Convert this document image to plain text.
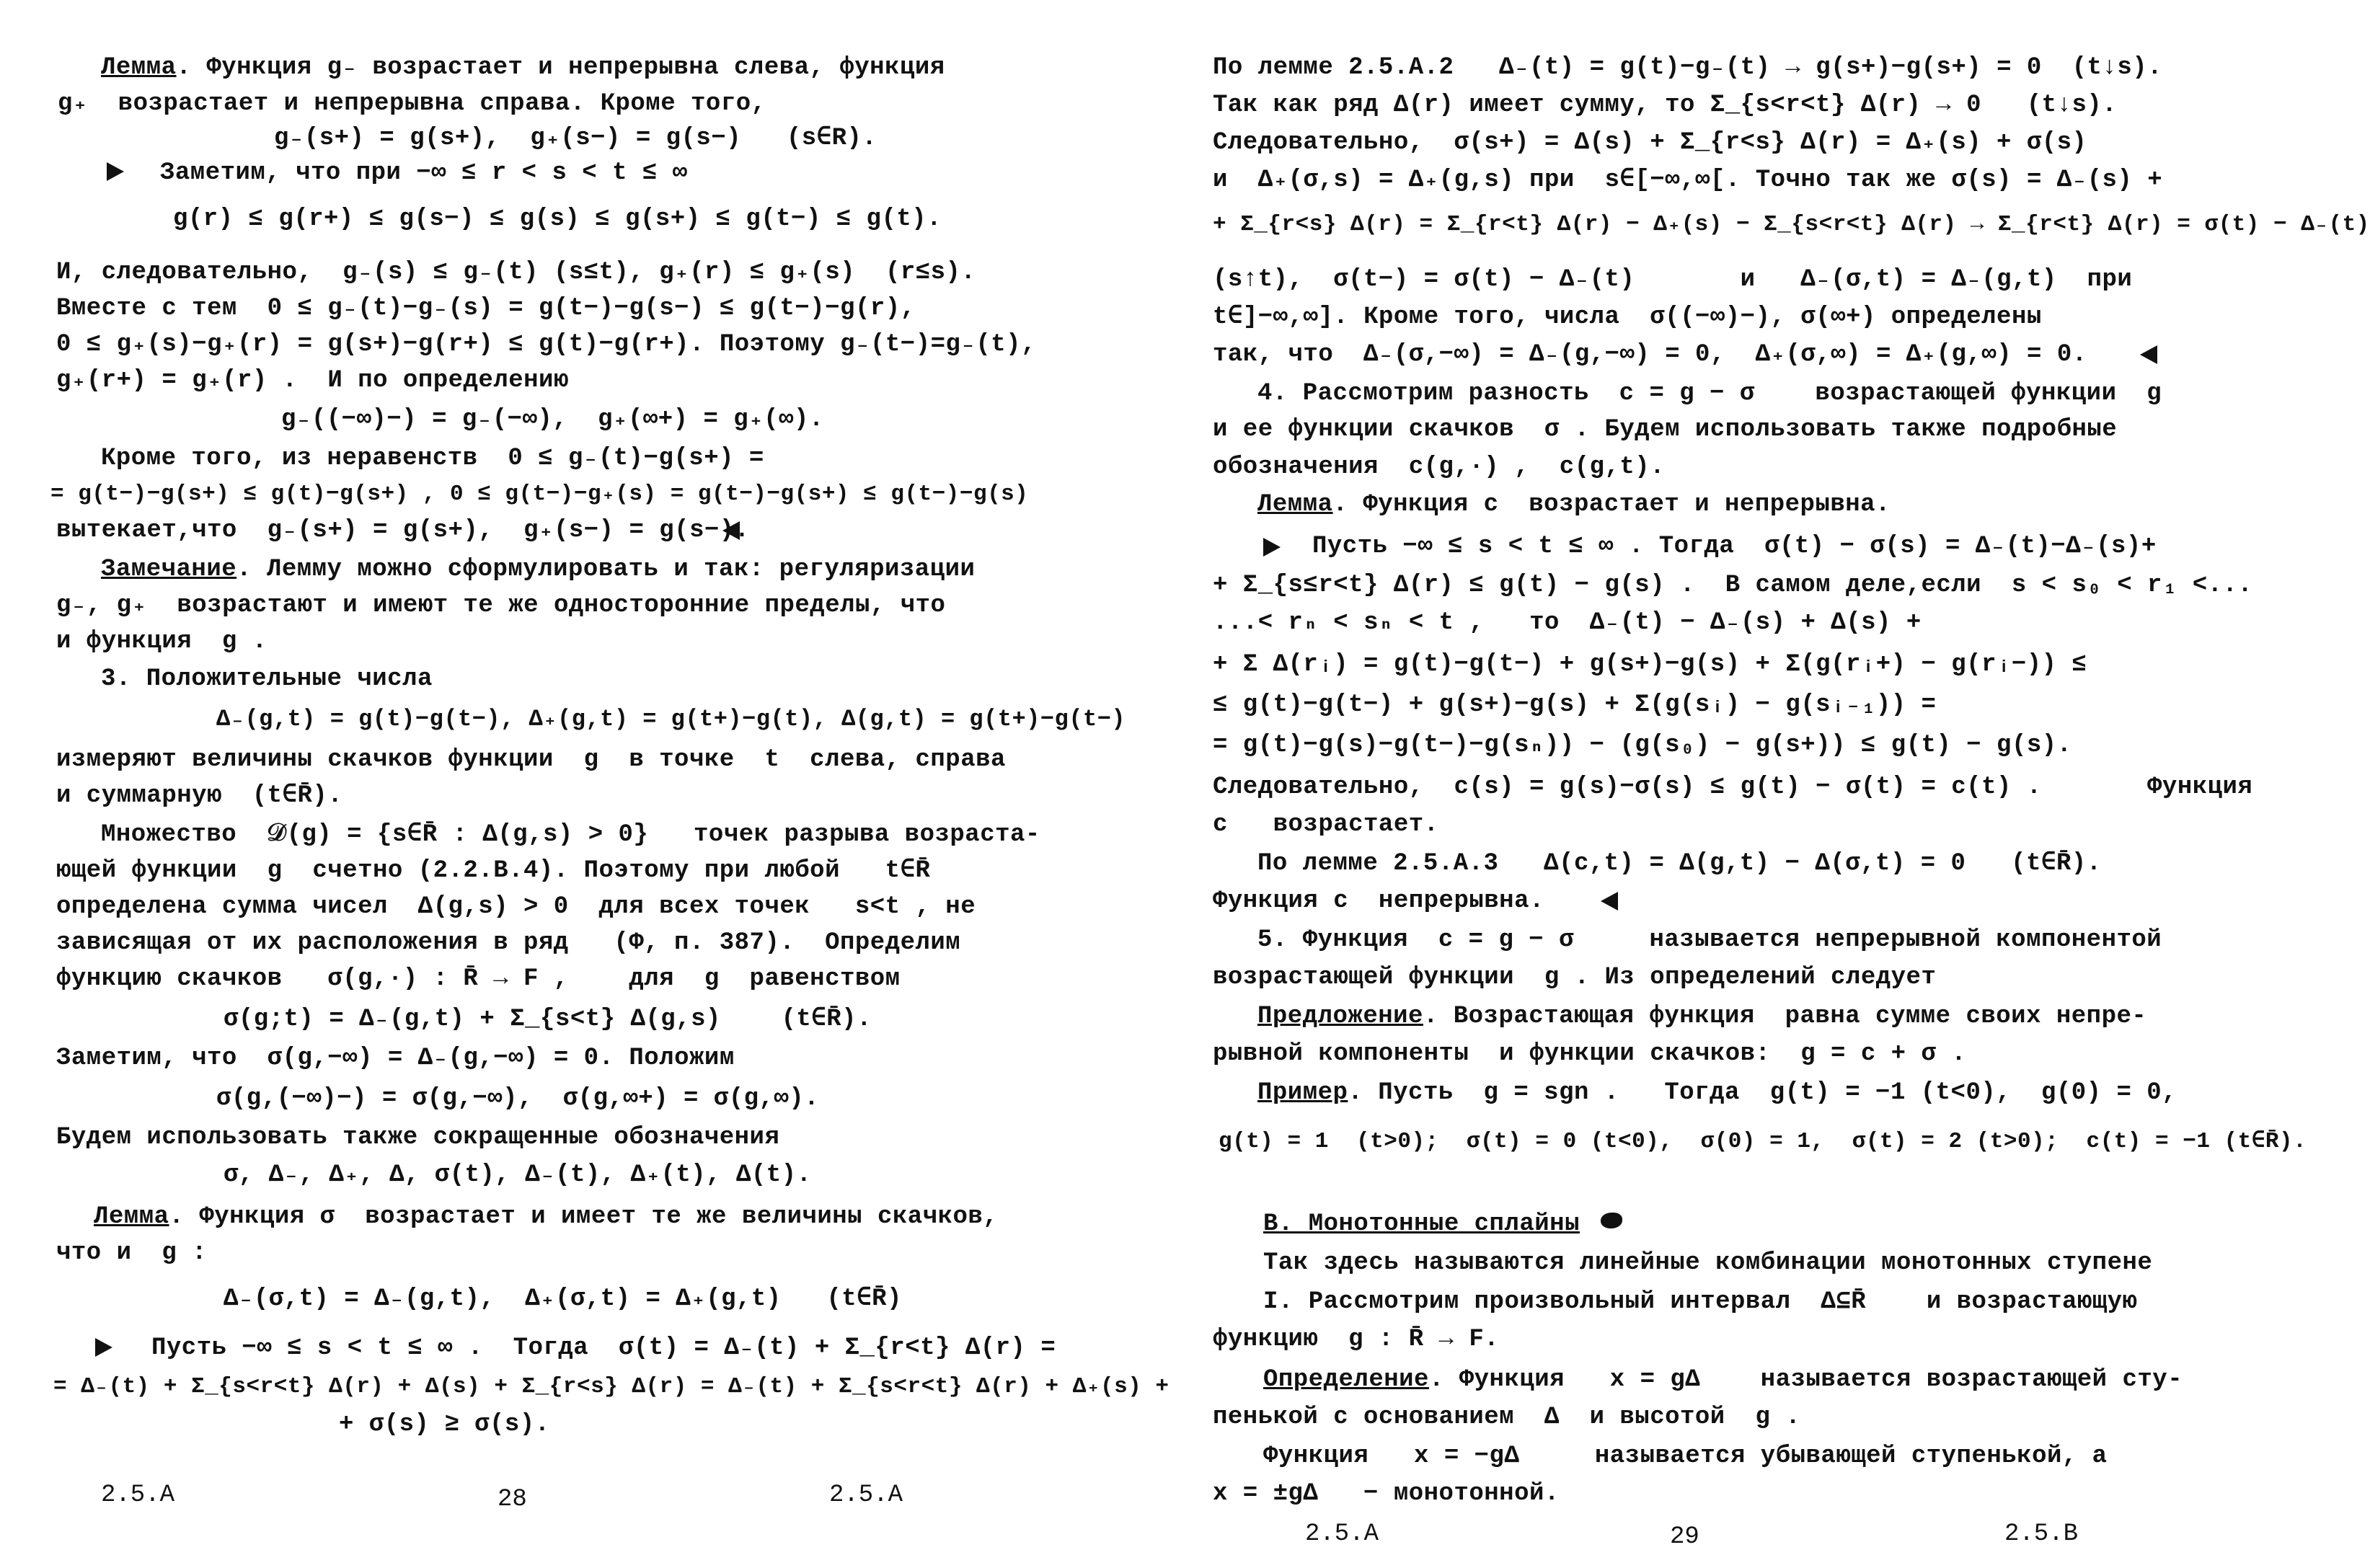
Лемма. Функция g₋ возрастает и непрерывна слева, функция
g₊  возрастает и непрерывна справа. Кроме того,
g₋(s+) = g(s+),  g₊(s−) = g(s−)   (s∈R).
Заметим, что при −∞ ≤ r < s < t ≤ ∞
g(r) ≤ g(r+) ≤ g(s−) ≤ g(s) ≤ g(s+) ≤ g(t−) ≤ g(t).
И, следовательно,  g₋(s) ≤ g₋(t) (s≤t), g₊(r) ≤ g₊(s)  (r≤s).
Вместе с тем  0 ≤ g₋(t)−g₋(s) = g(t−)−g(s−) ≤ g(t−)−g(r),
0 ≤ g₊(s)−g₊(r) = g(s+)−g(r+) ≤ g(t)−g(r+). Поэтому g₋(t−)=g₋(t),
g₊(r+) = g₊(r) .  И по определению
g₋((−∞)−) = g₋(−∞),  g₊(∞+) = g₊(∞).
Кроме того, из неравенств  0 ≤ g₋(t)−g(s+) =
= g(t−)−g(s+) ≤ g(t)−g(s+) , 0 ≤ g(t−)−g₊(s) = g(t−)−g(s+) ≤ g(t−)−g(s)
вытекает,что  g₋(s+) = g(s+),  g₊(s−) = g(s−).
Замечание. Лемму можно сформулировать и так: регуляризации
g₋, g₊  возрастают и имеют те же односторонние пределы, что
и функция  g .
3. Положительные числа
Δ₋(g,t) = g(t)−g(t−), Δ₊(g,t) = g(t+)−g(t), Δ(g,t) = g(t+)−g(t−)
измеряют величины скачков функции  g  в точке  t  слева, справа
и суммарную  (t∈R̄).
Множество  𝒟(g) = {s∈R̄ : Δ(g,s) > 0}   точек разрыва возраста-
ющей функции  g  счетно (2.2.В.4). Поэтому при любой   t∈R̄
определена сумма чисел  Δ(g,s) > 0  для всех точек   s<t , не
зависящая от их расположения в ряд   (Ф, п. 387).  Определим
функцию скачков   σ(g,·) : R̄ → F ,    для  g  равенством
σ(g;t) = Δ₋(g,t) + Σ_{s<t} Δ(g,s)    (t∈R̄).
Заметим, что  σ(g,−∞) = Δ₋(g,−∞) = 0. Положим
σ(g,(−∞)−) = σ(g,−∞),  σ(g,∞+) = σ(g,∞).
Будем использовать также сокращенные обозначения
σ, Δ₋, Δ₊, Δ, σ(t), Δ₋(t), Δ₊(t), Δ(t).
Лемма. Функция σ  возрастает и имеет те же величины скачков,
что и  g :
Δ₋(σ,t) = Δ₋(g,t),  Δ₊(σ,t) = Δ₊(g,t)   (t∈R̄)
Пусть −∞ ≤ s < t ≤ ∞ .  Тогда  σ(t) = Δ₋(t) + Σ_{r<t} Δ(r) =
= Δ₋(t) + Σ_{s<r<t} Δ(r) + Δ(s) + Σ_{r<s} Δ(r) = Δ₋(t) + Σ_{s<r<t} Δ(r) + Δ₊(s) +
+ σ(s) ≥ σ(s).
2.5.А	28	2.5.А
По лемме 2.5.А.2   Δ₋(t) = g(t)−g₋(t) → g(s+)−g(s+) = 0  (t↓s).
Так как ряд Δ(r) имеет сумму, то Σ_{s<r<t} Δ(r) → 0   (t↓s).
Следовательно,  σ(s+) = Δ(s) + Σ_{r<s} Δ(r) = Δ₊(s) + σ(s)
и  Δ₊(σ,s) = Δ₊(g,s) при  s∈[−∞,∞[. Точно так же σ(s) = Δ₋(s) +
+ Σ_{r<s} Δ(r) = Σ_{r<t} Δ(r) − Δ₊(s) − Σ_{s<r<t} Δ(r) → Σ_{r<t} Δ(r) = σ(t) − Δ₋(t)
(s↑t),  σ(t−) = σ(t) − Δ₋(t)       и   Δ₋(σ,t) = Δ₋(g,t)  при
t∈]−∞,∞]. Кроме того, числа  σ((−∞)−), σ(∞+) определены
так, что  Δ₋(σ,−∞) = Δ₋(g,−∞) = 0,  Δ₊(σ,∞) = Δ₊(g,∞) = 0.
4. Рассмотрим разность  c = g − σ    возрастающей функции  g
и ее функции скачков  σ . Будем использовать также подробные
обозначения  c(g,·) ,  c(g,t).
Лемма. Функция c  возрастает и непрерывна.
Пусть −∞ ≤ s < t ≤ ∞ . Тогда  σ(t) − σ(s) = Δ₋(t)−Δ₋(s)+
+ Σ_{s≤r<t} Δ(r) ≤ g(t) − g(s) .  В самом деле,если  s < s₀ < r₁ <...
...< rₙ < sₙ < t ,   то  Δ₋(t) − Δ₋(s) + Δ(s) +
+ Σ Δ(rᵢ) = g(t)−g(t−) + g(s+)−g(s) + Σ(g(rᵢ+) − g(rᵢ−)) ≤
≤ g(t)−g(t−) + g(s+)−g(s) + Σ(g(sᵢ) − g(sᵢ₋₁)) =
= g(t)−g(s)−g(t−)−g(sₙ)) − (g(s₀) − g(s+)) ≤ g(t) − g(s).
Следовательно,  c(s) = g(s)−σ(s) ≤ g(t) − σ(t) = c(t) .       Функция
c   возрастает.
По лемме 2.5.А.3   Δ(c,t) = Δ(g,t) − Δ(σ,t) = 0   (t∈R̄).
Функция c  непрерывна.
5. Функция  c = g − σ     называется непрерывной компонентой
возрастающей функции  g . Из определений следует
Предложение. Возрастающая функция  равна сумме своих непре-
рывной компоненты  и функции скачков:  g = c + σ .
Пример. Пусть  g = sgn .   Тогда  g(t) = −1 (t<0),  g(0) = 0,
g(t) = 1  (t>0);  σ(t) = 0 (t<0),  σ(0) = 1,  σ(t) = 2 (t>0);  c(t) = −1 (t∈R̄).
В. Монотонные сплайны
Так здесь называются линейные комбинации монотонных ступене
I. Рассмотрим произвольный интервал  Δ⊆R̄    и возрастающую
функцию  g : R̄ → F.
Определение. Функция   x = gΔ    называется возрастающей сту-
пенькой с основанием  Δ  и высотой  g .
Функция   x = −gΔ     называется убывающей ступенькой, а
x = ±gΔ   − монотонной.
2.5.А	29	2.5.В
